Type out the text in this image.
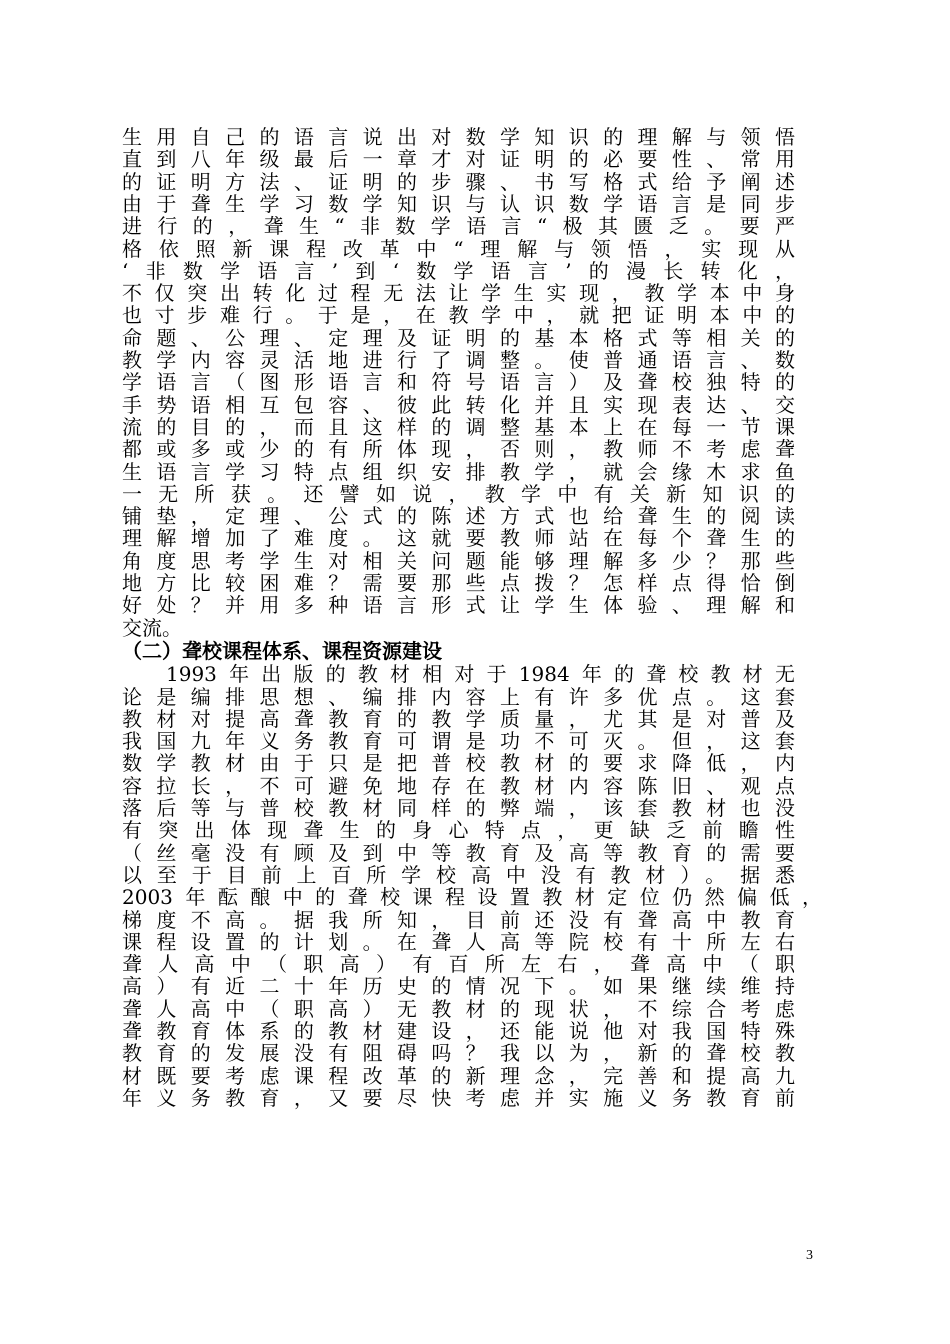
生用自己的语言说出对数学知识的理解与领悟
直到八年级最后一章才对证明的必要性、常用
的证明方法、证明的步骤、书写格式给予阐述
由于聋生学习数学知识与认识数学语言是同步
进行的，聋生“非数学语言“极其匮乏。要严
格依照新课程改革中“理解与领悟，实现从
‘非数学语言’到‘数学语言’的漫长转化，
不仅突出转化过程无法让学生实现，教学本中身
也寸步难行。于是，在教学中，就把证明本中的
命题、公理、定理及证明的基本格式等相关的
教学内容灵活地进行了调整。使普通语言、数
学语言（图形语言和符号语言）及聋校独特的
手势语相互包容、彼此转化并且实现表达、交
流的目的，而且这样的调整基本上在每一节课
都或多或少的有所体现，否则，教师不考虑聋
生语言学习特点组织安排教学，就会缘木求鱼
一无所获。还譬如说，教学中有关新知识的
铺垫，定理、公式的陈述方式也给聋生的阅读
理解增加了难度。这就要教师站在每个聋生的
角度思考学生对相关问题能够理解多少？那些
地方比较困难？需要那些点拨？怎样点得恰倒
好处？并用多种语言形式让学生体验、理解和
交流。
（二）聋校课程体系、课程资源建设
1993年出版的教材相对于1984年的聋校教材无
论是编排思想、编排内容上有许多优点。这套
教材对提高聋教育的教学质量，尤其是对普及
我国九年义务教育可谓是功不可灭。但，这套
数学教材由于只是把普校教材的要求降低，内
容拉长，不可避免地存在教材内容陈旧、观点
落后等与普校教材同样的弊端，该套教材也没
有突出体现聋生的身心特点，更缺乏前瞻性
（丝毫没有顾及到中等教育及高等教育的需要
以至于目前上百所学校高中没有教材）。据悉
2003年酝酿中的聋校课程设置教材定位仍然偏低，
梯度不高。据我所知，目前还没有聋高中教育
课程设置的计划。在聋人高等院校有十所左右
聋人高中（职高）有百所左右，聋高中（职
高）有近二十年历史的情况下。如果继续维持
聋人高中（职高）无教材的现状，不综合考虑
聋教育体系的教材建设，还能说他对我国特殊
教育的发展没有阻碍吗？我以为，新的聋校教
材既要考虑课程改革的新理念，完善和提高九
年义务教育，又要尽快考虑并实施义务教育前
3
